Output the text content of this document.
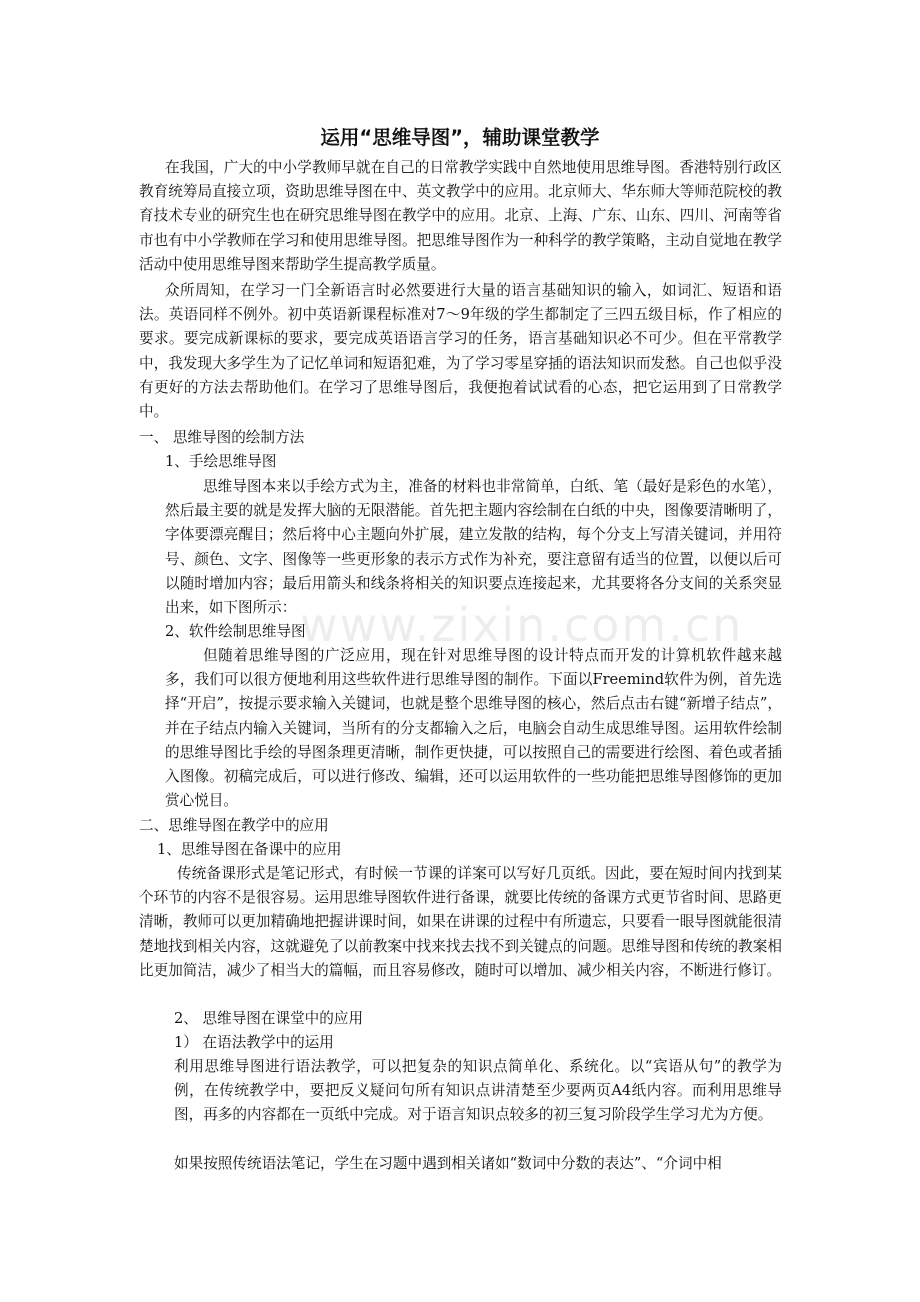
www.zixin.com.cn
运用“思维导图”，辅助课堂教学

在我国，广大的中小学教师早就在自己的日常教学实践中自然地使用思维导图。香港特别行政区教育统筹局直接立项，资助思维导图在中、英文教学中的应用。北京师大、华东师大等师范院校的教育技术专业的研究生也在研究思维导图在教学中的应用。北京、上海、广东、山东、四川、河南等省市也有中小学教师在学习和使用思维导图。把思维导图作为一种科学的教学策略，主动自觉地在教学活动中使用思维导图来帮助学生提高教学质量。

众所周知，在学习一门全新语言时必然要进行大量的语言基础知识的输入，如词汇、短语和语法。英语同样不例外。初中英语新课程标准对7～9年级的学生都制定了三四五级目标，作了相应的要求。要完成新课标的要求，要完成英语语言学习的任务，语言基础知识必不可少。但在平常教学中，我发现大多学生为了记忆单词和短语犯难，为了学习零星穿插的语法知识而发愁。自己也似乎没有更好的方法去帮助他们。在学习了思维导图后，我便抱着试试看的心态，把它运用到了日常教学中。

一、 思维导图的绘制方法
1、手绘思维导图

思维导图本来以手绘方式为主，准备的材料也非常简单，白纸、笔（最好是彩色的水笔），然后最主要的就是发挥大脑的无限潜能。首先把主题内容绘制在白纸的中央，图像要清晰明了，字体要漂亮醒目；然后将中心主题向外扩展，建立发散的结构，每个分支上写清关键词，并用符号、颜色、文字、图像等一些更形象的表示方式作为补充，要注意留有适当的位置，以便以后可以随时增加内容；最后用箭头和线条将相关的知识要点连接起来，尤其要将各分支间的关系突显出来，如下图所示：

2、软件绘制思维导图

但随着思维导图的广泛应用，现在针对思维导图的设计特点而开发的计算机软件越来越多，我们可以很方便地利用这些软件进行思维导图的制作。下面以Freemind软件为例，首先选择“开启”，按提示要求输入关键词，也就是整个思维导图的核心，然后点击右键“新增子结点”，并在子结点内输入关键词，当所有的分支都输入之后，电脑会自动生成思维导图。运用软件绘制的思维导图比手绘的导图条理更清晰，制作更快捷，可以按照自己的需要进行绘图、着色或者插入图像。初稿完成后，可以进行修改、编辑，还可以运用软件的一些功能把思维导图修饰的更加赏心悦目。

二、思维导图在教学中的应用
1、思维导图在备课中的应用

传统备课形式是笔记形式，有时候一节课的详案可以写好几页纸。因此，要在短时间内找到某个环节的内容不是很容易。运用思维导图软件进行备课，就要比传统的备课方式更节省时间、思路更清晰，教师可以更加精确地把握讲课时间，如果在讲课的过程中有所遗忘，只要看一眼导图就能很清楚地找到相关内容，这就避免了以前教案中找来找去找不到关键点的问题。思维导图和传统的教案相比更加简洁，减少了相当大的篇幅，而且容易修改，随时可以增加、减少相关内容，不断进行修订。

2、 思维导图在课堂中的应用
1） 在语法教学中的运用

利用思维导图进行语法教学，可以把复杂的知识点简单化、系统化。以“宾语从句”的教学为例，在传统教学中，要把反义疑问句所有知识点讲清楚至少要两页A4纸内容。而利用思维导图，再多的内容都在一页纸中完成。对于语言知识点较多的初三复习阶段学生学习尤为方便。

如果按照传统语法笔记，学生在习题中遇到相关诸如“数词中分数的表达”、“介词中相
